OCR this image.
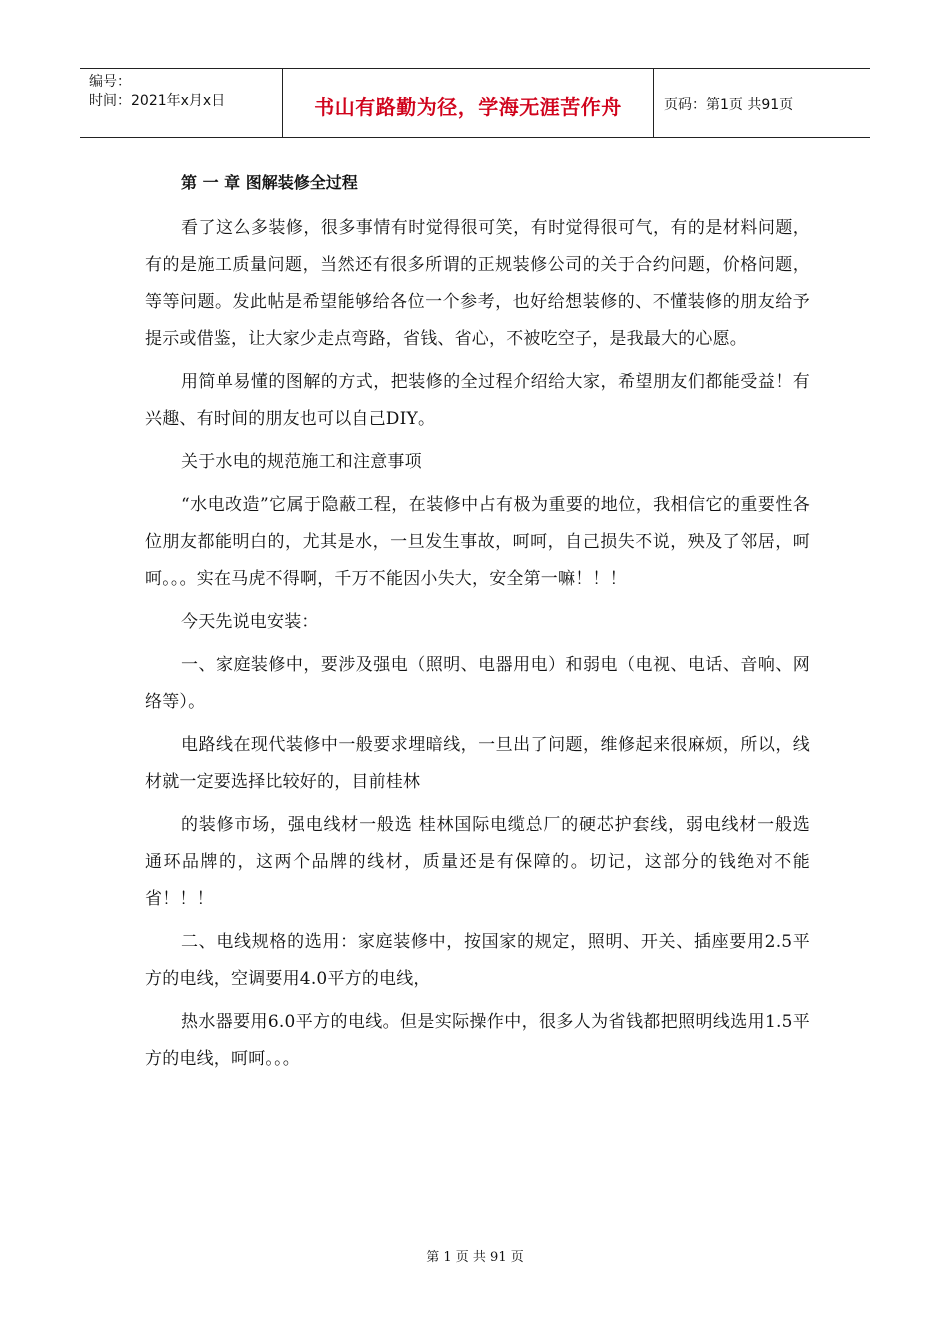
编号：
时间：2021年x月x日	书山有路勤为径，学海无涯苦作舟	页码：第1页 共91页
第 一 章 图解装修全过程

看了这么多装修，很多事情有时觉得很可笑，有时觉得很可气，有的是材料问题，有的是施工质量问题，当然还有很多所谓的正规装修公司的关于合约问题，价格问题，等等问题。发此帖是希望能够给各位一个参考，也好给想装修的、不懂装修的朋友给予提示或借鉴，让大家少走点弯路，省钱、省心，不被吃空子，是我最大的心愿。

用简单易懂的图解的方式，把装修的全过程介绍给大家，希望朋友们都能受益！有兴趣、有时间的朋友也可以自己DIY。

关于水电的规范施工和注意事项

“水电改造”它属于隐蔽工程，在装修中占有极为重要的地位，我相信它的重要性各位朋友都能明白的，尤其是水，一旦发生事故，呵呵，自己损失不说，殃及了邻居，呵呵。。。实在马虎不得啊，千万不能因小失大，安全第一嘛！！！

今天先说电安装：

一、家庭装修中，要涉及强电（照明、电器用电）和弱电（电视、电话、音响、网络等）。

电路线在现代装修中一般要求埋暗线，一旦出了问题，维修起来很麻烦，所以，线材就一定要选择比较好的，目前桂林

的装修市场，强电线材一般选 桂林国际电缆总厂的硬芯护套线，弱电线材一般选 通环品牌的，这两个品牌的线材，质量还是有保障的。切记，这部分的钱绝对不能省！！！

二、电线规格的选用：家庭装修中，按国家的规定，照明、开关、插座要用2.5平方的电线，空调要用4.0平方的电线，

热水器要用6.0平方的电线。但是实际操作中，很多人为省钱都把照明线选用1.5平方的电线，呵呵。。。

第 1 页 共 91 页
